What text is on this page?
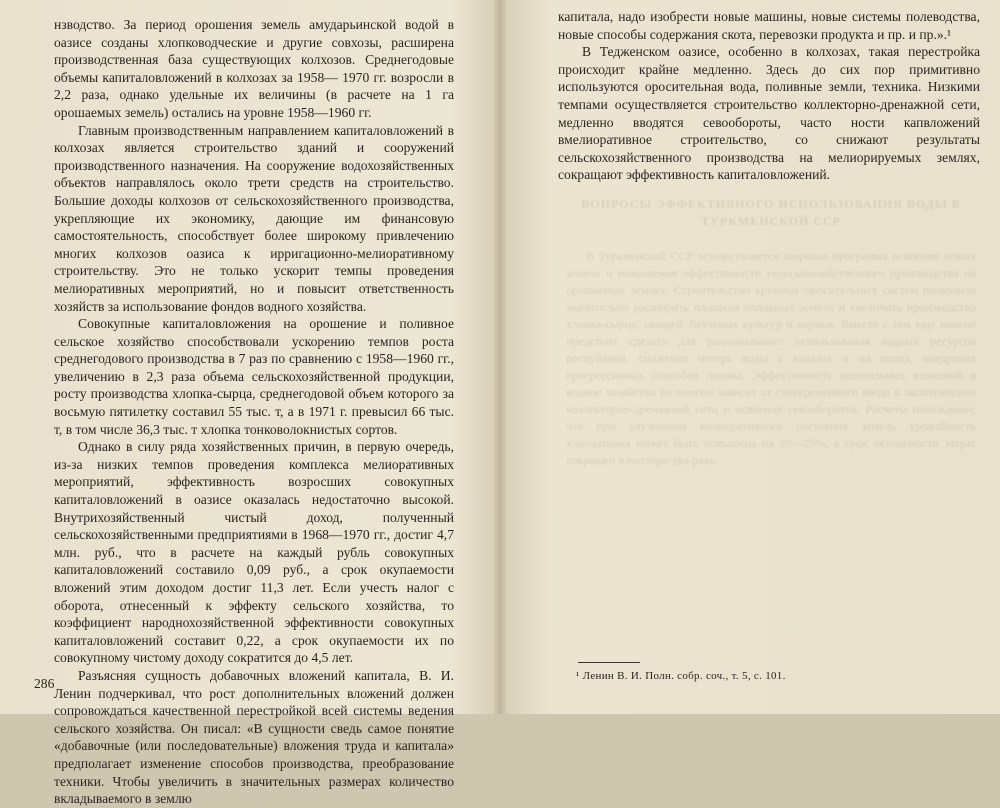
нзводство. За период орошения земель амударьинской водой в оазисе созданы хлопководческие и другие совхозы, расширена производственная база существующих колхозов. Среднегодовые объемы капиталовложений в колхозах за 1958— 1970 гг. возросли в 2,2 раза, однако удельные их величины (в расчете на 1 га орошаемых земель) остались на уровне 1958—1960 гг.

Главным производственным направлением капиталовложений в колхозах является строительство зданий и сооружений производственного назначения. На сооружение водохозяйственных объектов направлялось около трети средств на строительство. Большие доходы колхозов от сельскохозяйственного производства, укрепляющие их экономику, дающие им финансовую самостоятельность, способствует более широкому привлечению многих колхозов оазиса к ирригационно-мелиоративному строительству. Это не только ускорит темпы проведения мелиоративных мероприятий, но и повысит ответственность хозяйств за использование фондов водного хозяйства.

Совокупные капиталовложения на орошение и поливное сельское хозяйство способствовали ускорению темпов роста среднегодового производства в 7 раз по сравнению с 1958—1960 гг., увеличению в 2,3 раза объема сельскохозяйственной продукции, росту производства хлопка-сырца, среднегодовой объем которого за восьмую пятилетку составил 55 тыс. т, а в 1971 г. превысил 66 тыс. т, в том числе 36,3 тыс. т хлопка тонковолокнистых сортов.

Однако в силу ряда хозяйственных причин, в первую очередь, из-за низких темпов проведения комплекса мелиоративных мероприятий, эффективность возросших совокупных капиталовложений в оазисе оказалась недостаточно высокой. Внутрихозяйственный чистый доход, полученный сельскохозяйственными предприятиями в 1968—1970 гг., достиг 4,7 млн. руб., что в расчете на каждый рубль совокупных капиталовложений составило 0,09 руб., а срок окупаемости вложений этим доходом достиг 11,3 лет. Если учесть налог с оборота, отнесенный к эффекту сельского хозяйства, то коэффициент народнохозяйственной эффективности совокупных капиталовложений составит 0,22, а срок окупаемости их по совокупному чистому доходу сократится до 4,5 лет.

Разъясняя сущность добавочных вложений капитала, В. И. Ленин подчеркивал, что рост дополнительных вложений должен сопровождаться качественной перестройкой всей системы ведения сельского хозяйства. Он писал: «В сущности сведь самое понятие «добавочные (или последовательные) вложения труда и капитала» предполагает изменение способов производства, преобразование техники. Чтобы увеличить в значительных размерах количество вкладываемого в землю

286

капитала, надо изобрести новые машины, новые системы полеводства, новые способы содержания скота, перевозки продукта и пр. и пр.».¹

В Тедженском оазисе, особенно в колхозах, такая перестройка происходит крайне медленно. Здесь до сих пор примитивно используются оросительная вода, поливные земли, техника. Низкими темпами осуществляется строительство коллекторно-дренажной сети, медленно вводятся севообороты, часто ности капвложений вмелиоративное строительство, со снижают результаты сельскохозяйственного производства на мелиорируемых землях, сокращают эффективность капиталовложений.

ВОПРОСЫ ЭФФЕКТИВНОГО ИСПОЛЬЗОВАНИЯ ВОДЫ В ТУРКМЕНСКОЙ ССР

В Туркменской ССР осуществляется широкая программа освоения новых земель и повышения эффективности сельскохозяйственного производства на орошаемых землях. Строительство крупных оросительных систем позволило значительно расширить площади поливных земель и увеличить производство хлопка-сырца, овощей, бахчевых культур и кормов. Вместе с тем еще многое предстоит сделать для рационального использования водных ресурсов республики, снижения потерь воды в каналах и на полях, внедрения прогрессивных способов полива. Эффективность капитальных вложений в водное хозяйство во многом зависит от своевременного ввода в эксплуатацию коллекторно-дренажной сети и освоения севооборотов. Расчеты показывают, что при улучшении мелиоративного состояния земель урожайность хлопчатника может быть повышена на 20—25%, а срок окупаемости затрат сокращен в полтора-два раза.

¹ Ленин В. И. Полн. собр. соч., т. 5, с. 101.
